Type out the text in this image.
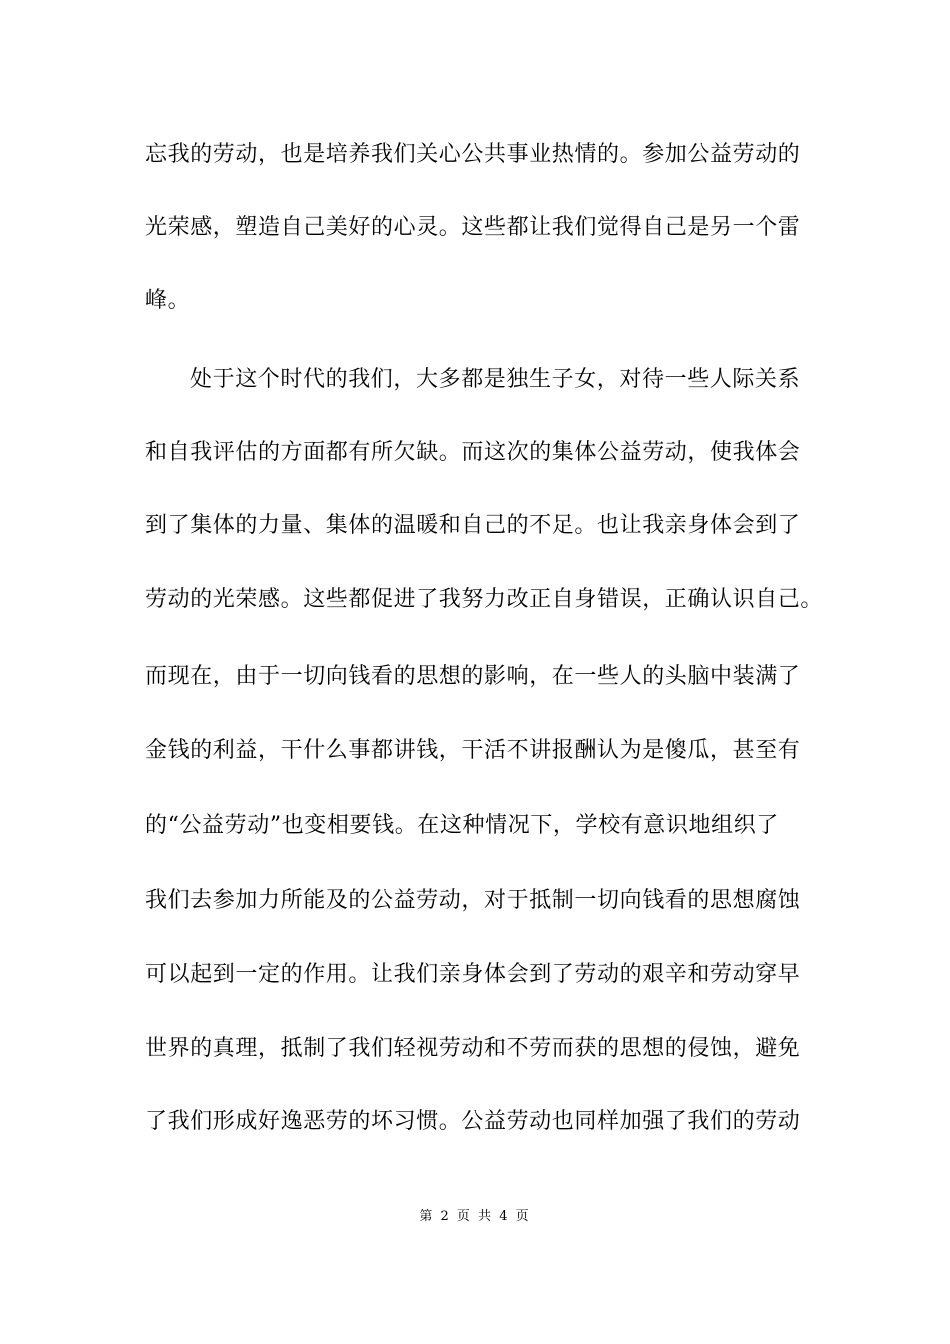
忘我的劳动，也是培养我们关心公共事业热情的。参加公益劳动的
光荣感，塑造自己美好的心灵。这些都让我们觉得自己是另一个雷
峰。
处于这个时代的我们，大多都是独生子女，对待一些人际关系
和自我评估的方面都有所欠缺。而这次的集体公益劳动，使我体会
到了集体的力量、集体的温暖和自己的不足。也让我亲身体会到了
劳动的光荣感。这些都促进了我努力改正自身错误，正确认识自己。
而现在，由于一切向钱看的思想的影响，在一些人的头脑中装满了
金钱的利益，干什么事都讲钱，干活不讲报酬认为是傻瓜，甚至有
的“公益劳动”也变相要钱。在这种情况下，学校有意识地组织了
我们去参加力所能及的公益劳动，对于抵制一切向钱看的思想腐蚀
可以起到一定的作用。让我们亲身体会到了劳动的艰辛和劳动穿早
世界的真理，抵制了我们轻视劳动和不劳而获的思想的侵蚀，避免
了我们形成好逸恶劳的坏习惯。公益劳动也同样加强了我们的劳动
第 2 页 共 4 页
